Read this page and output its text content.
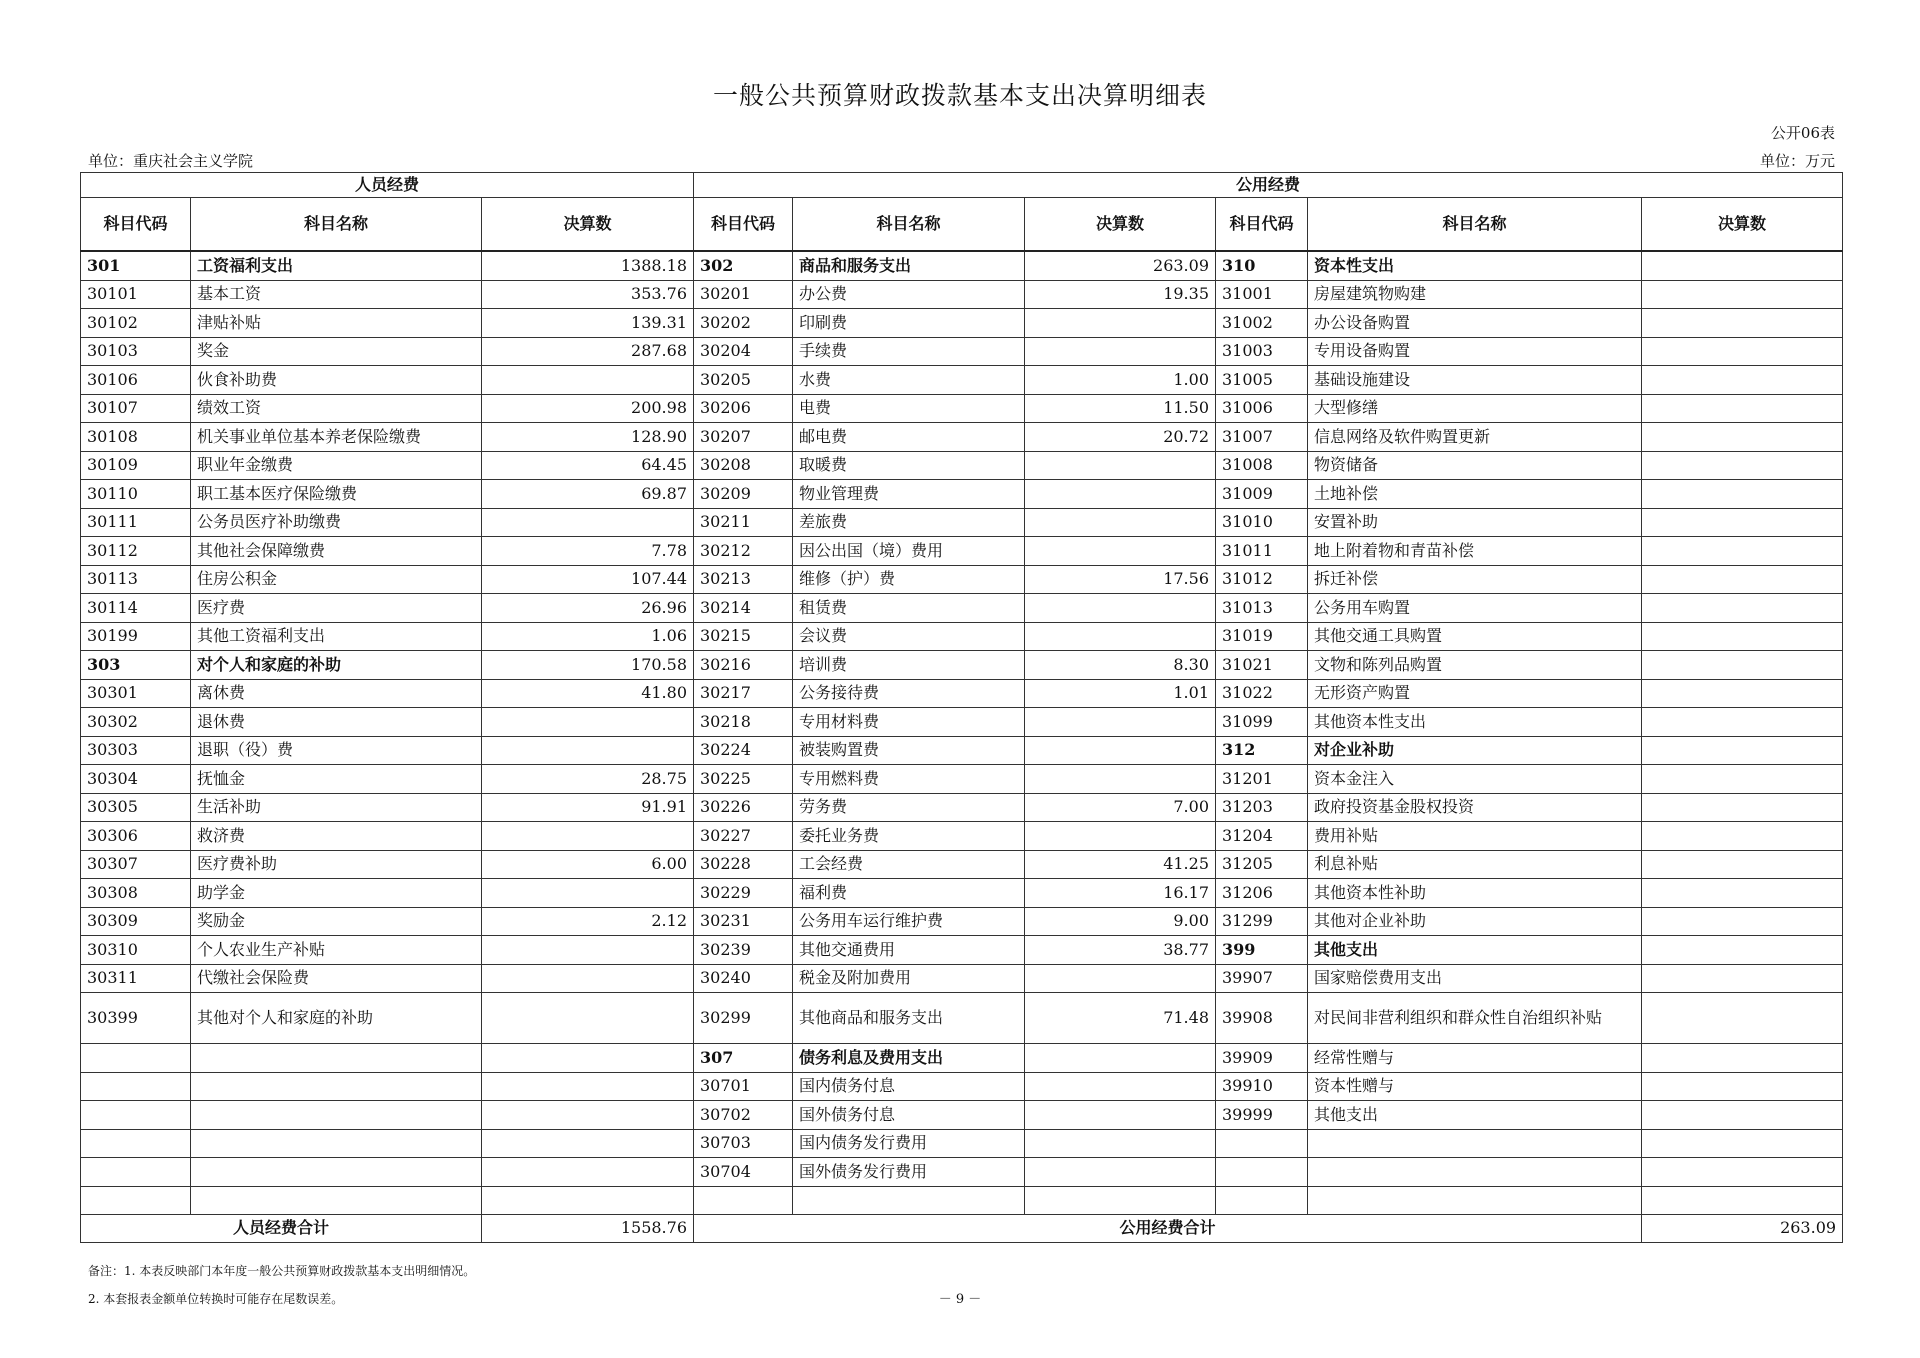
一般公共预算财政拨款基本支出决算明细表
公开06表
单位：重庆社会主义学院	单位：万元
人员经费			公用经费					
科目代码	科目名称	决算数	科目代码	科目名称	决算数	科目代码	科目名称	决算数
301	工资福利支出	1388.18	302	商品和服务支出	263.09	310	资本性支出	
30101	基本工资	353.76	30201	办公费	19.35	31001	房屋建筑物购建	
30102	津贴补贴	139.31	30202	印刷费		31002	办公设备购置	
30103	奖金	287.68	30204	手续费		31003	专用设备购置	
30106	伙食补助费		30205	水费	1.00	31005	基础设施建设	
30107	绩效工资	200.98	30206	电费	11.50	31006	大型修缮	
30108	机关事业单位基本养老保险缴费	128.90	30207	邮电费	20.72	31007	信息网络及软件购置更新	
30109	职业年金缴费	64.45	30208	取暖费		31008	物资储备	
30110	职工基本医疗保险缴费	69.87	30209	物业管理费		31009	土地补偿	
30111	公务员医疗补助缴费		30211	差旅费		31010	安置补助	
30112	其他社会保障缴费	7.78	30212	因公出国（境）费用		31011	地上附着物和青苗补偿	
30113	住房公积金	107.44	30213	维修（护）费	17.56	31012	拆迁补偿	
30114	医疗费	26.96	30214	租赁费		31013	公务用车购置	
30199	其他工资福利支出	1.06	30215	会议费		31019	其他交通工具购置	
303	对个人和家庭的补助	170.58	30216	培训费	8.30	31021	文物和陈列品购置	
30301	离休费	41.80	30217	公务接待费	1.01	31022	无形资产购置	
30302	退休费		30218	专用材料费		31099	其他资本性支出	
30303	退职（役）费		30224	被装购置费		312	对企业补助	
30304	抚恤金	28.75	30225	专用燃料费		31201	资本金注入	
30305	生活补助	91.91	30226	劳务费	7.00	31203	政府投资基金股权投资	
30306	救济费		30227	委托业务费		31204	费用补贴	
30307	医疗费补助	6.00	30228	工会经费	41.25	31205	利息补贴	
30308	助学金		30229	福利费	16.17	31206	其他资本性补助	
30309	奖励金	2.12	30231	公务用车运行维护费	9.00	31299	其他对企业补助	
30310	个人农业生产补贴		30239	其他交通费用	38.77	399	其他支出	
30311	代缴社会保险费		30240	税金及附加费用		39907	国家赔偿费用支出	
30399	其他对个人和家庭的补助		30299	其他商品和服务支出	71.48	39908	对民间非营利组织和群众性自治组织补贴	
			307	债务利息及费用支出		39909	经常性赠与	
			30701	国内债务付息		39910	资本性赠与	
			30702	国外债务付息		39999	其他支出	
			30703	国内债务发行费用				
			30704	国外债务发行费用				

人员经费合计		1558.76	公用经费合计					263.09
备注：1. 本表反映部门本年度一般公共预算财政拨款基本支出明细情况。
2. 本套报表金额单位转换时可能存在尾数误差。	－ 9 －
